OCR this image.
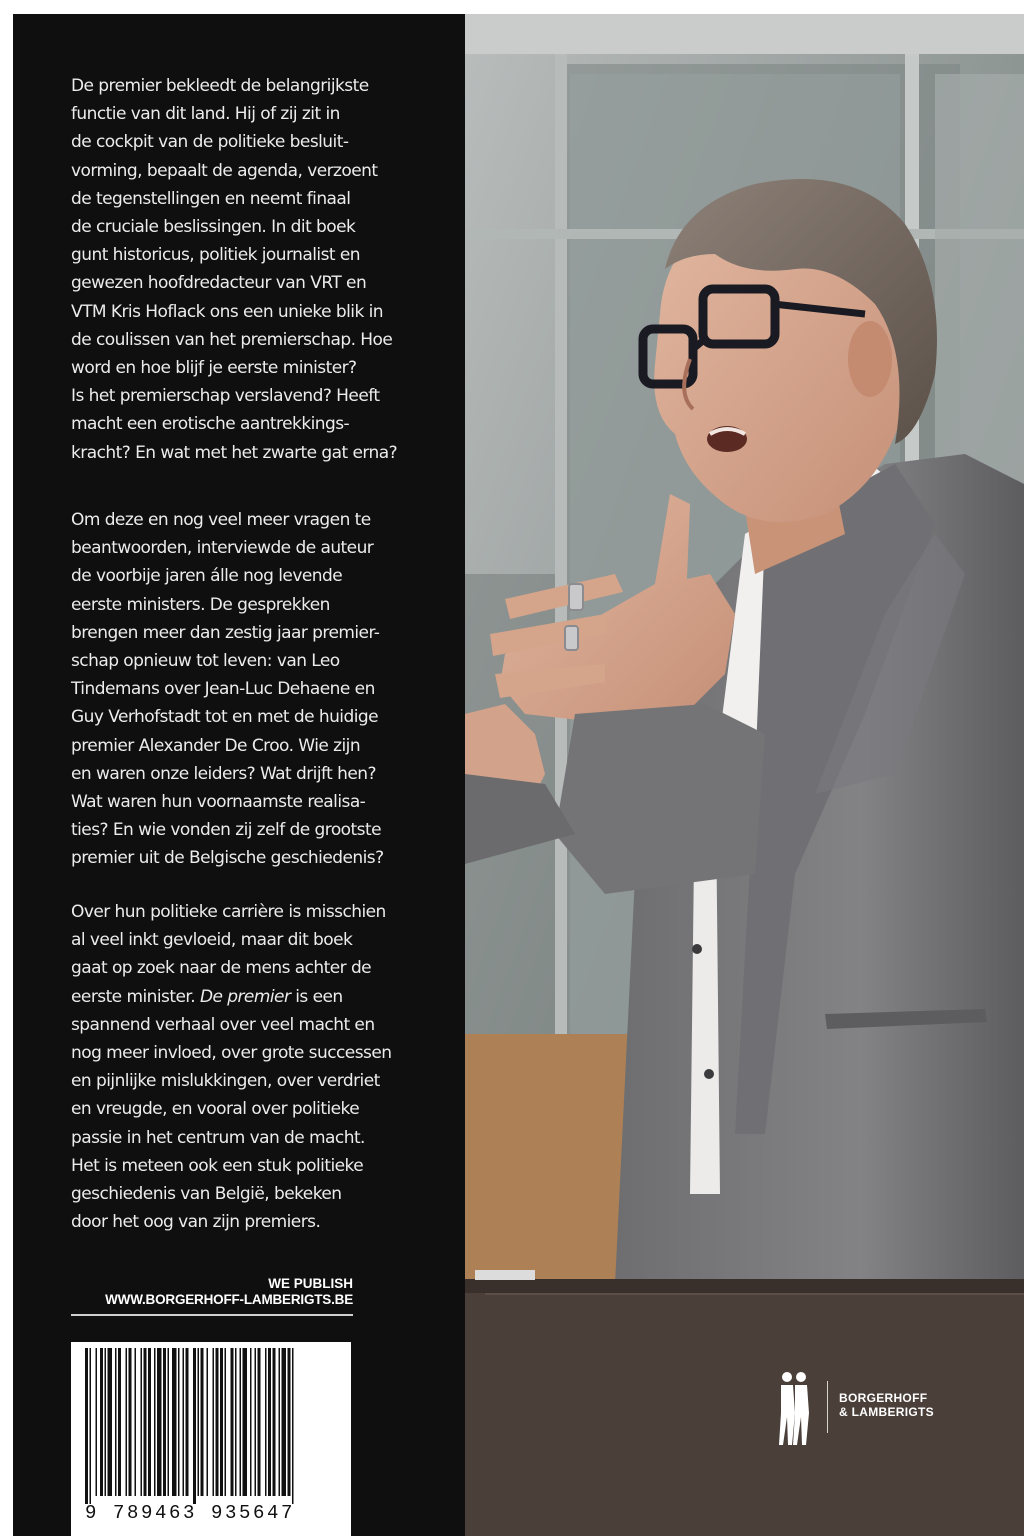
De premier bekleedt de belangrijkste
functie van dit land. Hij of zij zit in
de cockpit van de politieke besluit-
vorming, bepaalt de agenda, verzoent
de tegenstellingen en neemt finaal
de cruciale beslissingen. In dit boek
gunt historicus, politiek journalist en
gewezen hoofdredacteur van VRT en
VTM Kris Hoflack ons een unieke blik in
de coulissen van het premierschap. Hoe
word en hoe blijf je eerste minister?
Is het premierschap verslavend? Heeft
macht een erotische aantrekkings-
kracht? En wat met het zwarte gat erna?
Om deze en nog veel meer vragen te
beantwoorden, interviewde de auteur
de voorbije jaren álle nog levende
eerste ministers. De gesprekken
brengen meer dan zestig jaar premier-
schap opnieuw tot leven: van Leo
Tindemans over Jean-Luc Dehaene en
Guy Verhofstadt tot en met de huidige
premier Alexander De Croo. Wie zijn
en waren onze leiders? Wat drijft hen?
Wat waren hun voornaamste realisa-
ties? En wie vonden zij zelf de grootste
premier uit de Belgische geschiedenis?
Over hun politieke carrière is misschien
al veel inkt gevloeid, maar dit boek
gaat op zoek naar de mens achter de
eerste minister. De premier is een
spannend verhaal over veel macht en
nog meer invloed, over grote successen
en pijnlijke mislukkingen, over verdriet
en vreugde, en vooral over politieke
passie in het centrum van de macht.
Het is meteen ook een stuk politieke
geschiedenis van België, bekeken
door het oog van zijn premiers.
WE PUBLISH
WWW.BORGERHOFF-LAMBERIGTS.BE
9 789463 935647
BORGERHOFF
& LAMBERIGTS
